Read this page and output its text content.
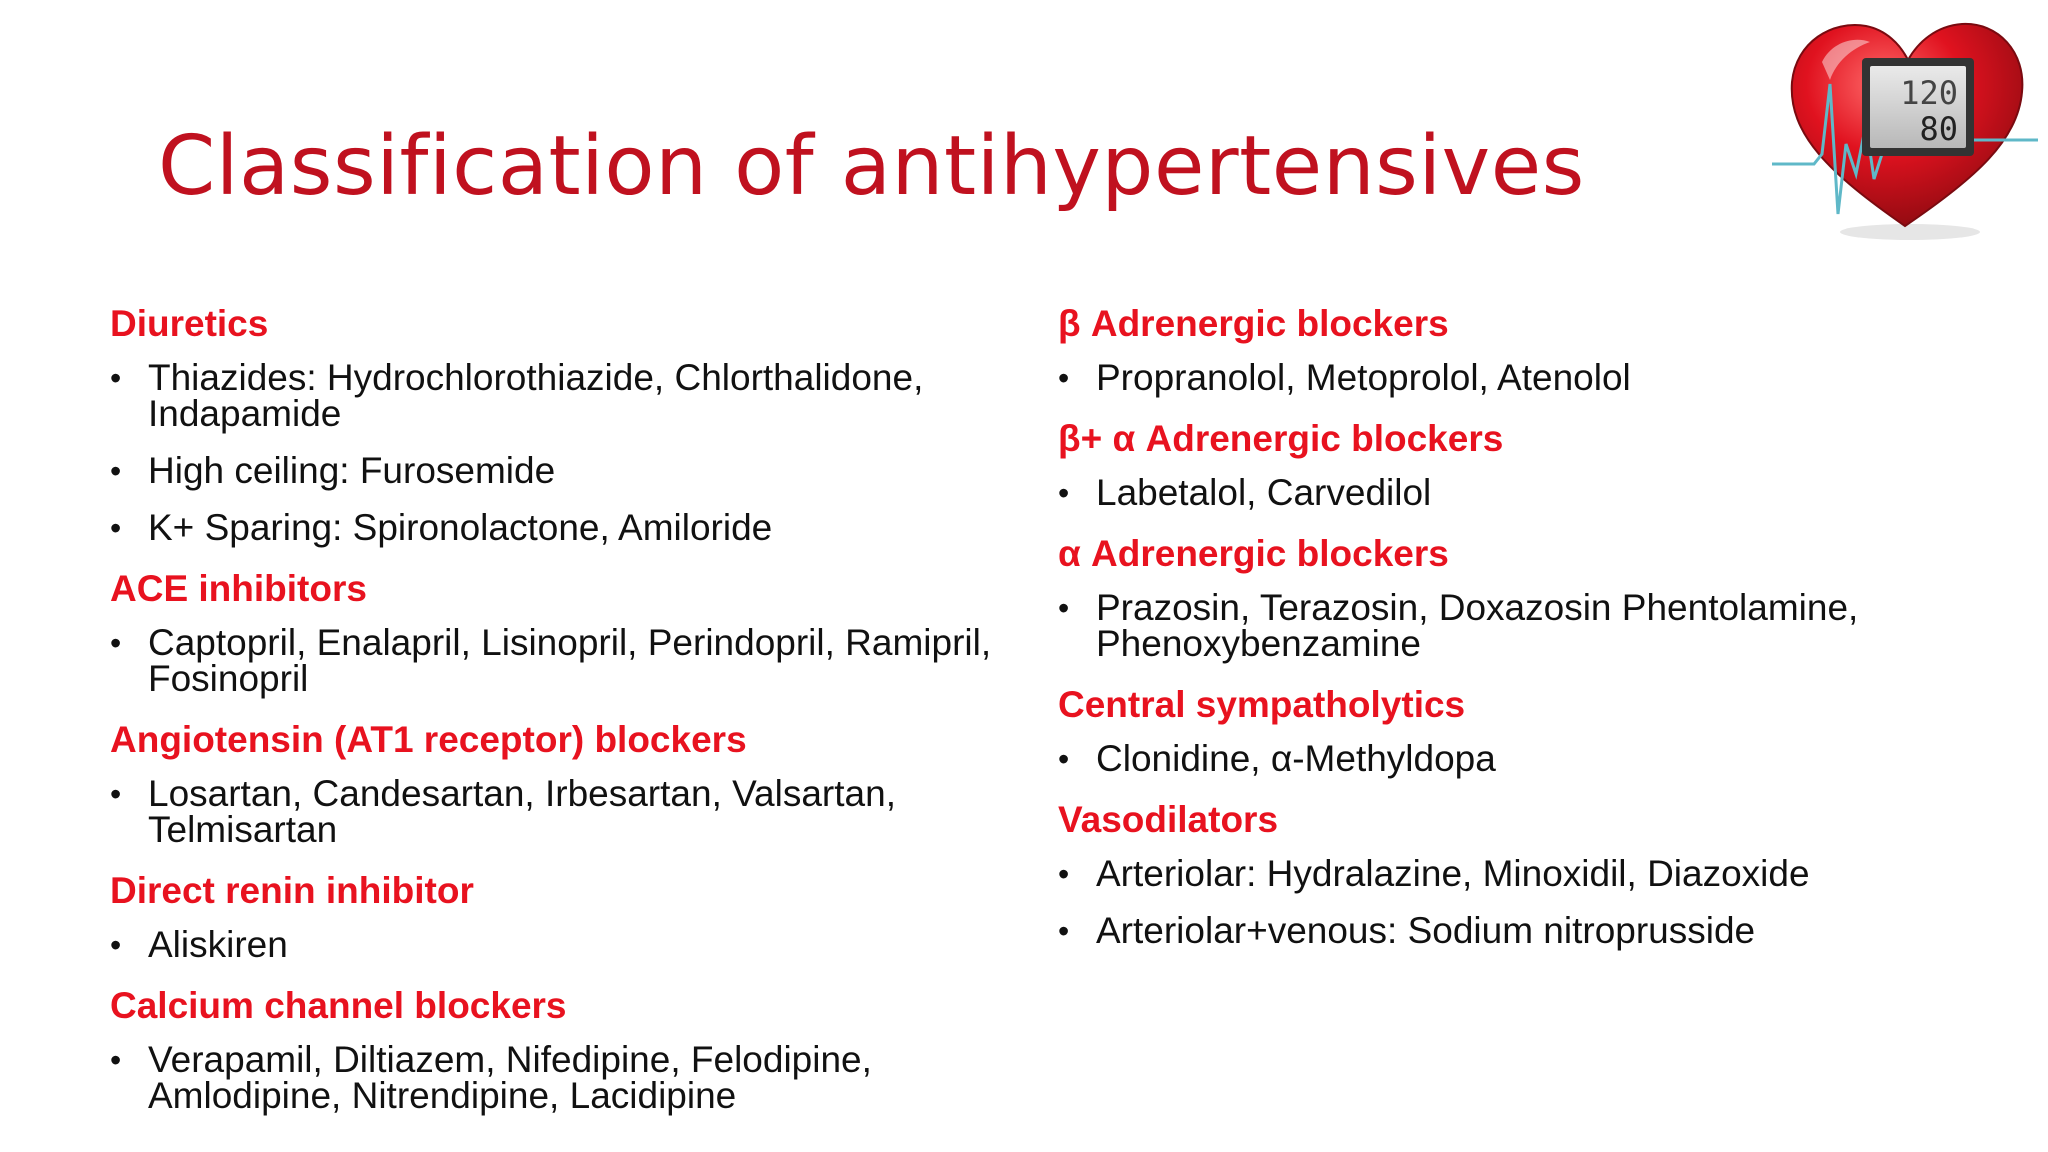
Classification of antihypertensives
120
80
Diuretics
• Thiazides: Hydrochlorothiazide, Chlorthalidone, Indapamide
• High ceiling: Furosemide
• K+ Sparing: Spironolactone, Amiloride
ACE inhibitors
• Captopril, Enalapril, Lisinopril, Perindopril, Ramipril, Fosinopril
Angiotensin (AT1 receptor) blockers
• Losartan, Candesartan, Irbesartan, Valsartan, Telmisartan
Direct renin inhibitor
• Aliskiren
Calcium channel blockers
• Verapamil, Diltiazem, Nifedipine, Felodipine, Amlodipine, Nitrendipine, Lacidipine
β Adrenergic blockers
• Propranolol, Metoprolol, Atenolol
β+ α Adrenergic blockers
• Labetalol, Carvedilol
α Adrenergic blockers
• Prazosin, Terazosin, Doxazosin Phentolamine, Phenoxybenzamine
Central sympatholytics
• Clonidine, α-Methyldopa
Vasodilators
• Arteriolar: Hydralazine, Minoxidil, Diazoxide
• Arteriolar+venous: Sodium nitroprusside
